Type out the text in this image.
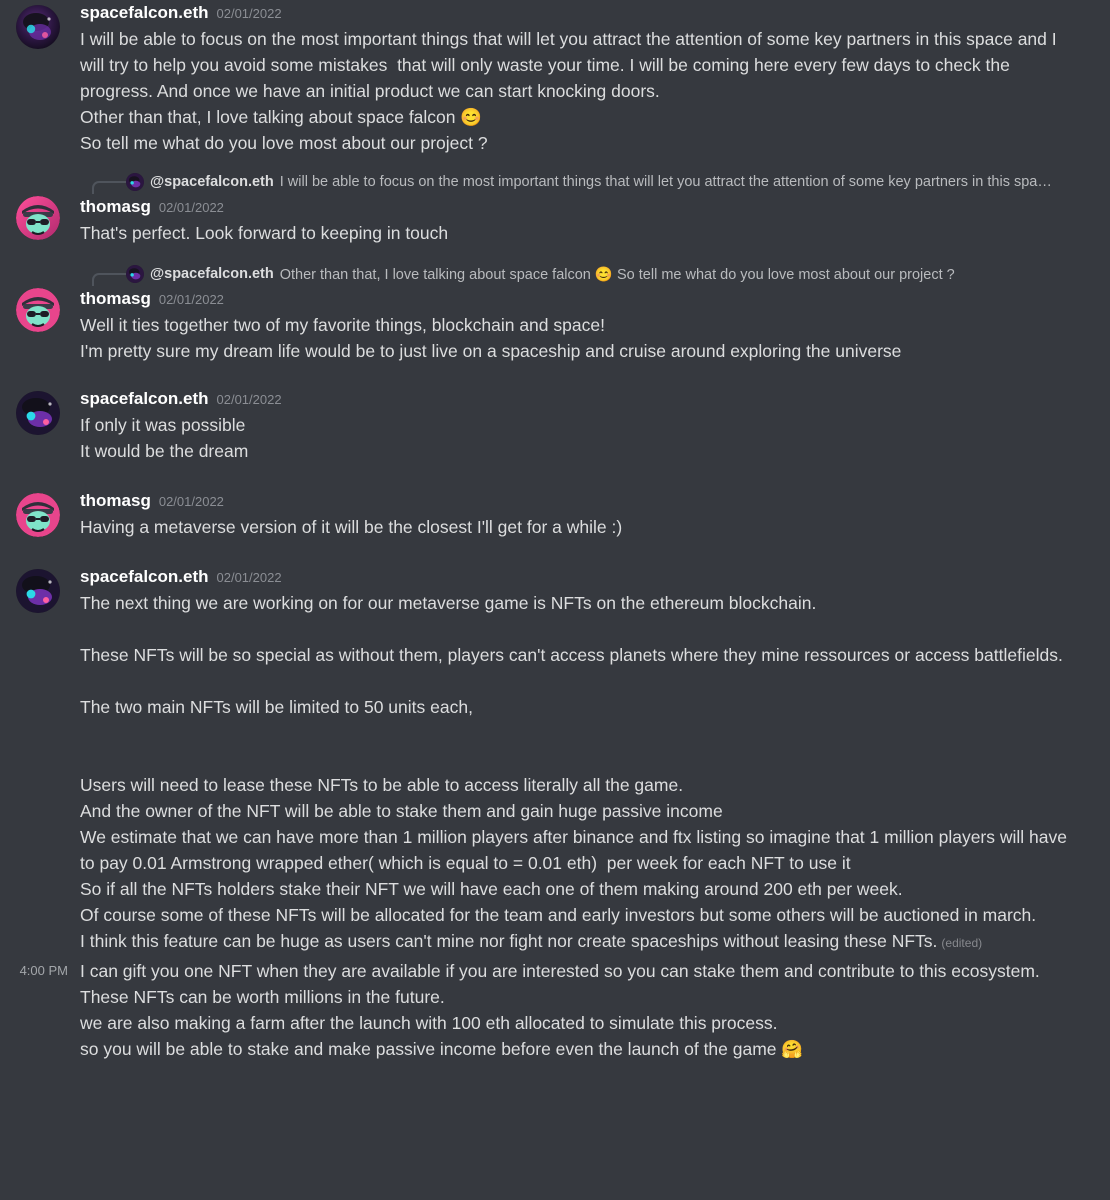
spacefalcon.eth 02/01/2022
I will be able to focus on the most important things that will let you attract the attention of some key partners in this space and I will try to help you avoid some mistakes  that will only waste your time. I will be coming here every few days to check the progress. And once we have an initial product we can start knocking doors.
Other than that, I love talking about space falcon 😊
So tell me what do you love most about our project ?
@spacefalcon.eth I will be able to focus on the most important things that will let you attract the attention of some key partners in this spa…
thomasg 02/01/2022
That's perfect. Look forward to keeping in touch
@spacefalcon.eth Other than that, I love talking about space falcon 😊 So tell me what do you love most about our project ?
thomasg 02/01/2022
Well it ties together two of my favorite things, blockchain and space!
I'm pretty sure my dream life would be to just live on a spaceship and cruise around exploring the universe
spacefalcon.eth 02/01/2022
If only it was possible
It would be the dream
thomasg 02/01/2022
Having a metaverse version of it will be the closest I'll get for a while :)
spacefalcon.eth 02/01/2022
The next thing we are working on for our metaverse game is NFTs on the ethereum blockchain.
These NFTs will be so special as without them, players can't access planets where they mine ressources or access battlefields.
The two main NFTs will be limited to 50 units each,
Users will need to lease these NFTs to be able to access literally all the game.
And the owner of the NFT will be able to stake them and gain huge passive income
We estimate that we can have more than 1 million players after binance and ftx listing so imagine that 1 million players will have to pay 0.01 Armstrong wrapped ether( which is equal to = 0.01 eth)  per week for each NFT to use it
So if all the NFTs holders stake their NFT we will have each one of them making around 200 eth per week.
Of course some of these NFTs will be allocated for the team and early investors but some others will be auctioned in march.
I think this feature can be huge as users can't mine nor fight nor create spaceships without leasing these NFTs. (edited)
4:00 PM I can gift you one NFT when they are available if you are interested so you can stake them and contribute to this ecosystem.
These NFTs can be worth millions in the future.
we are also making a farm after the launch with 100 eth allocated to simulate this process.
so you will be able to stake and make passive income before even the launch of the game 🤗
